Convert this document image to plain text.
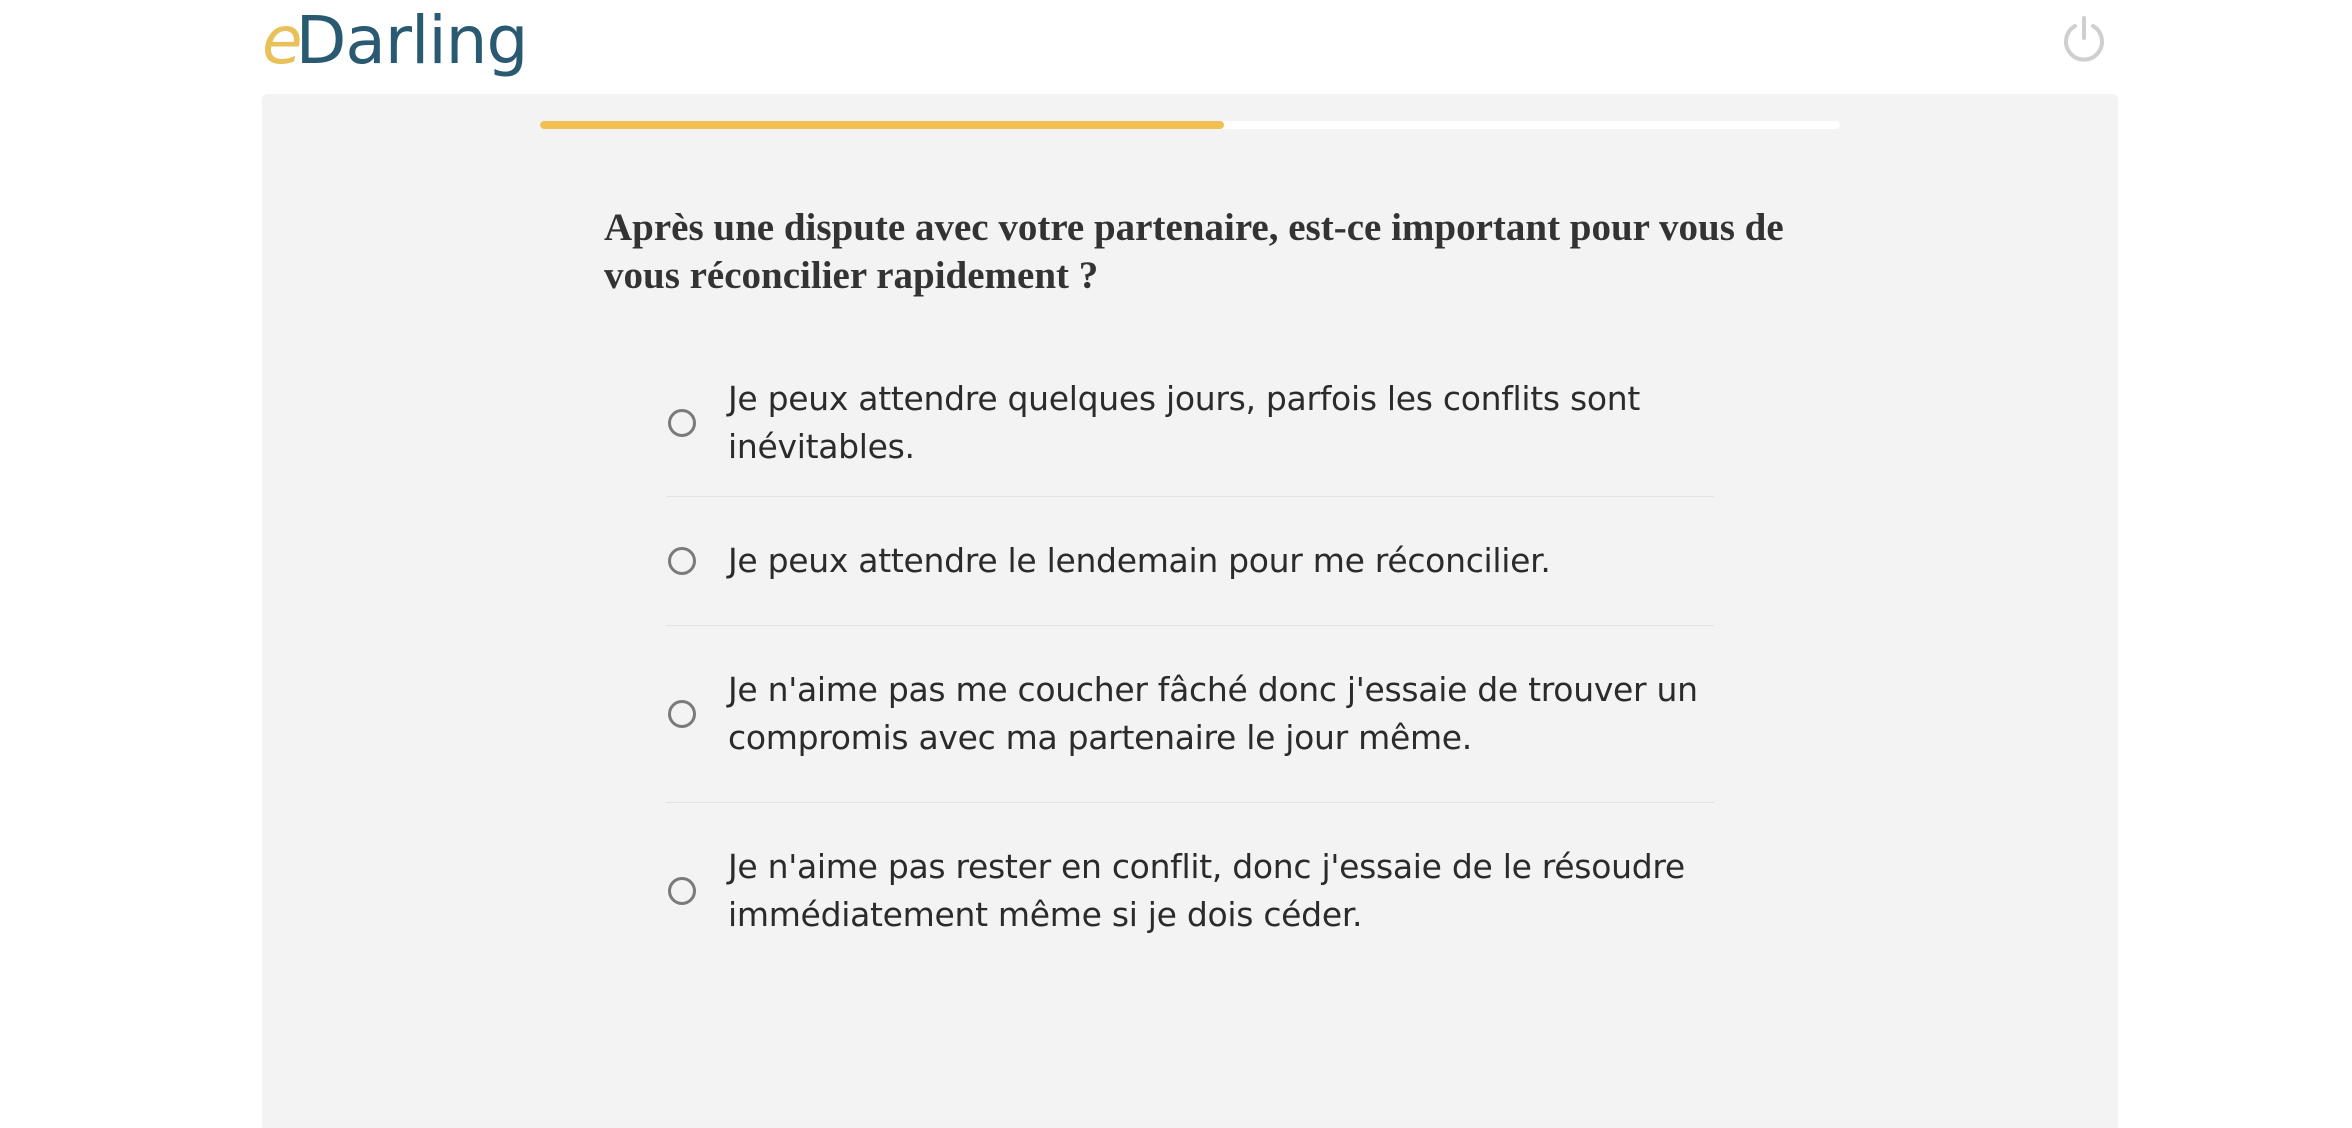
e
Darling
Après une dispute avec votre partenaire, est-ce important pour vous de vous réconcilier rapidement ?
Je peux attendre quelques jours, parfois les conflits sont inévitables.
Je peux attendre le lendemain pour me réconcilier.
Je n'aime pas me coucher fâché donc j'essaie de trouver un compromis avec ma partenaire le jour même.
Je n'aime pas rester en conflit, donc j'essaie de le résoudre immédiatement même si je dois céder.
